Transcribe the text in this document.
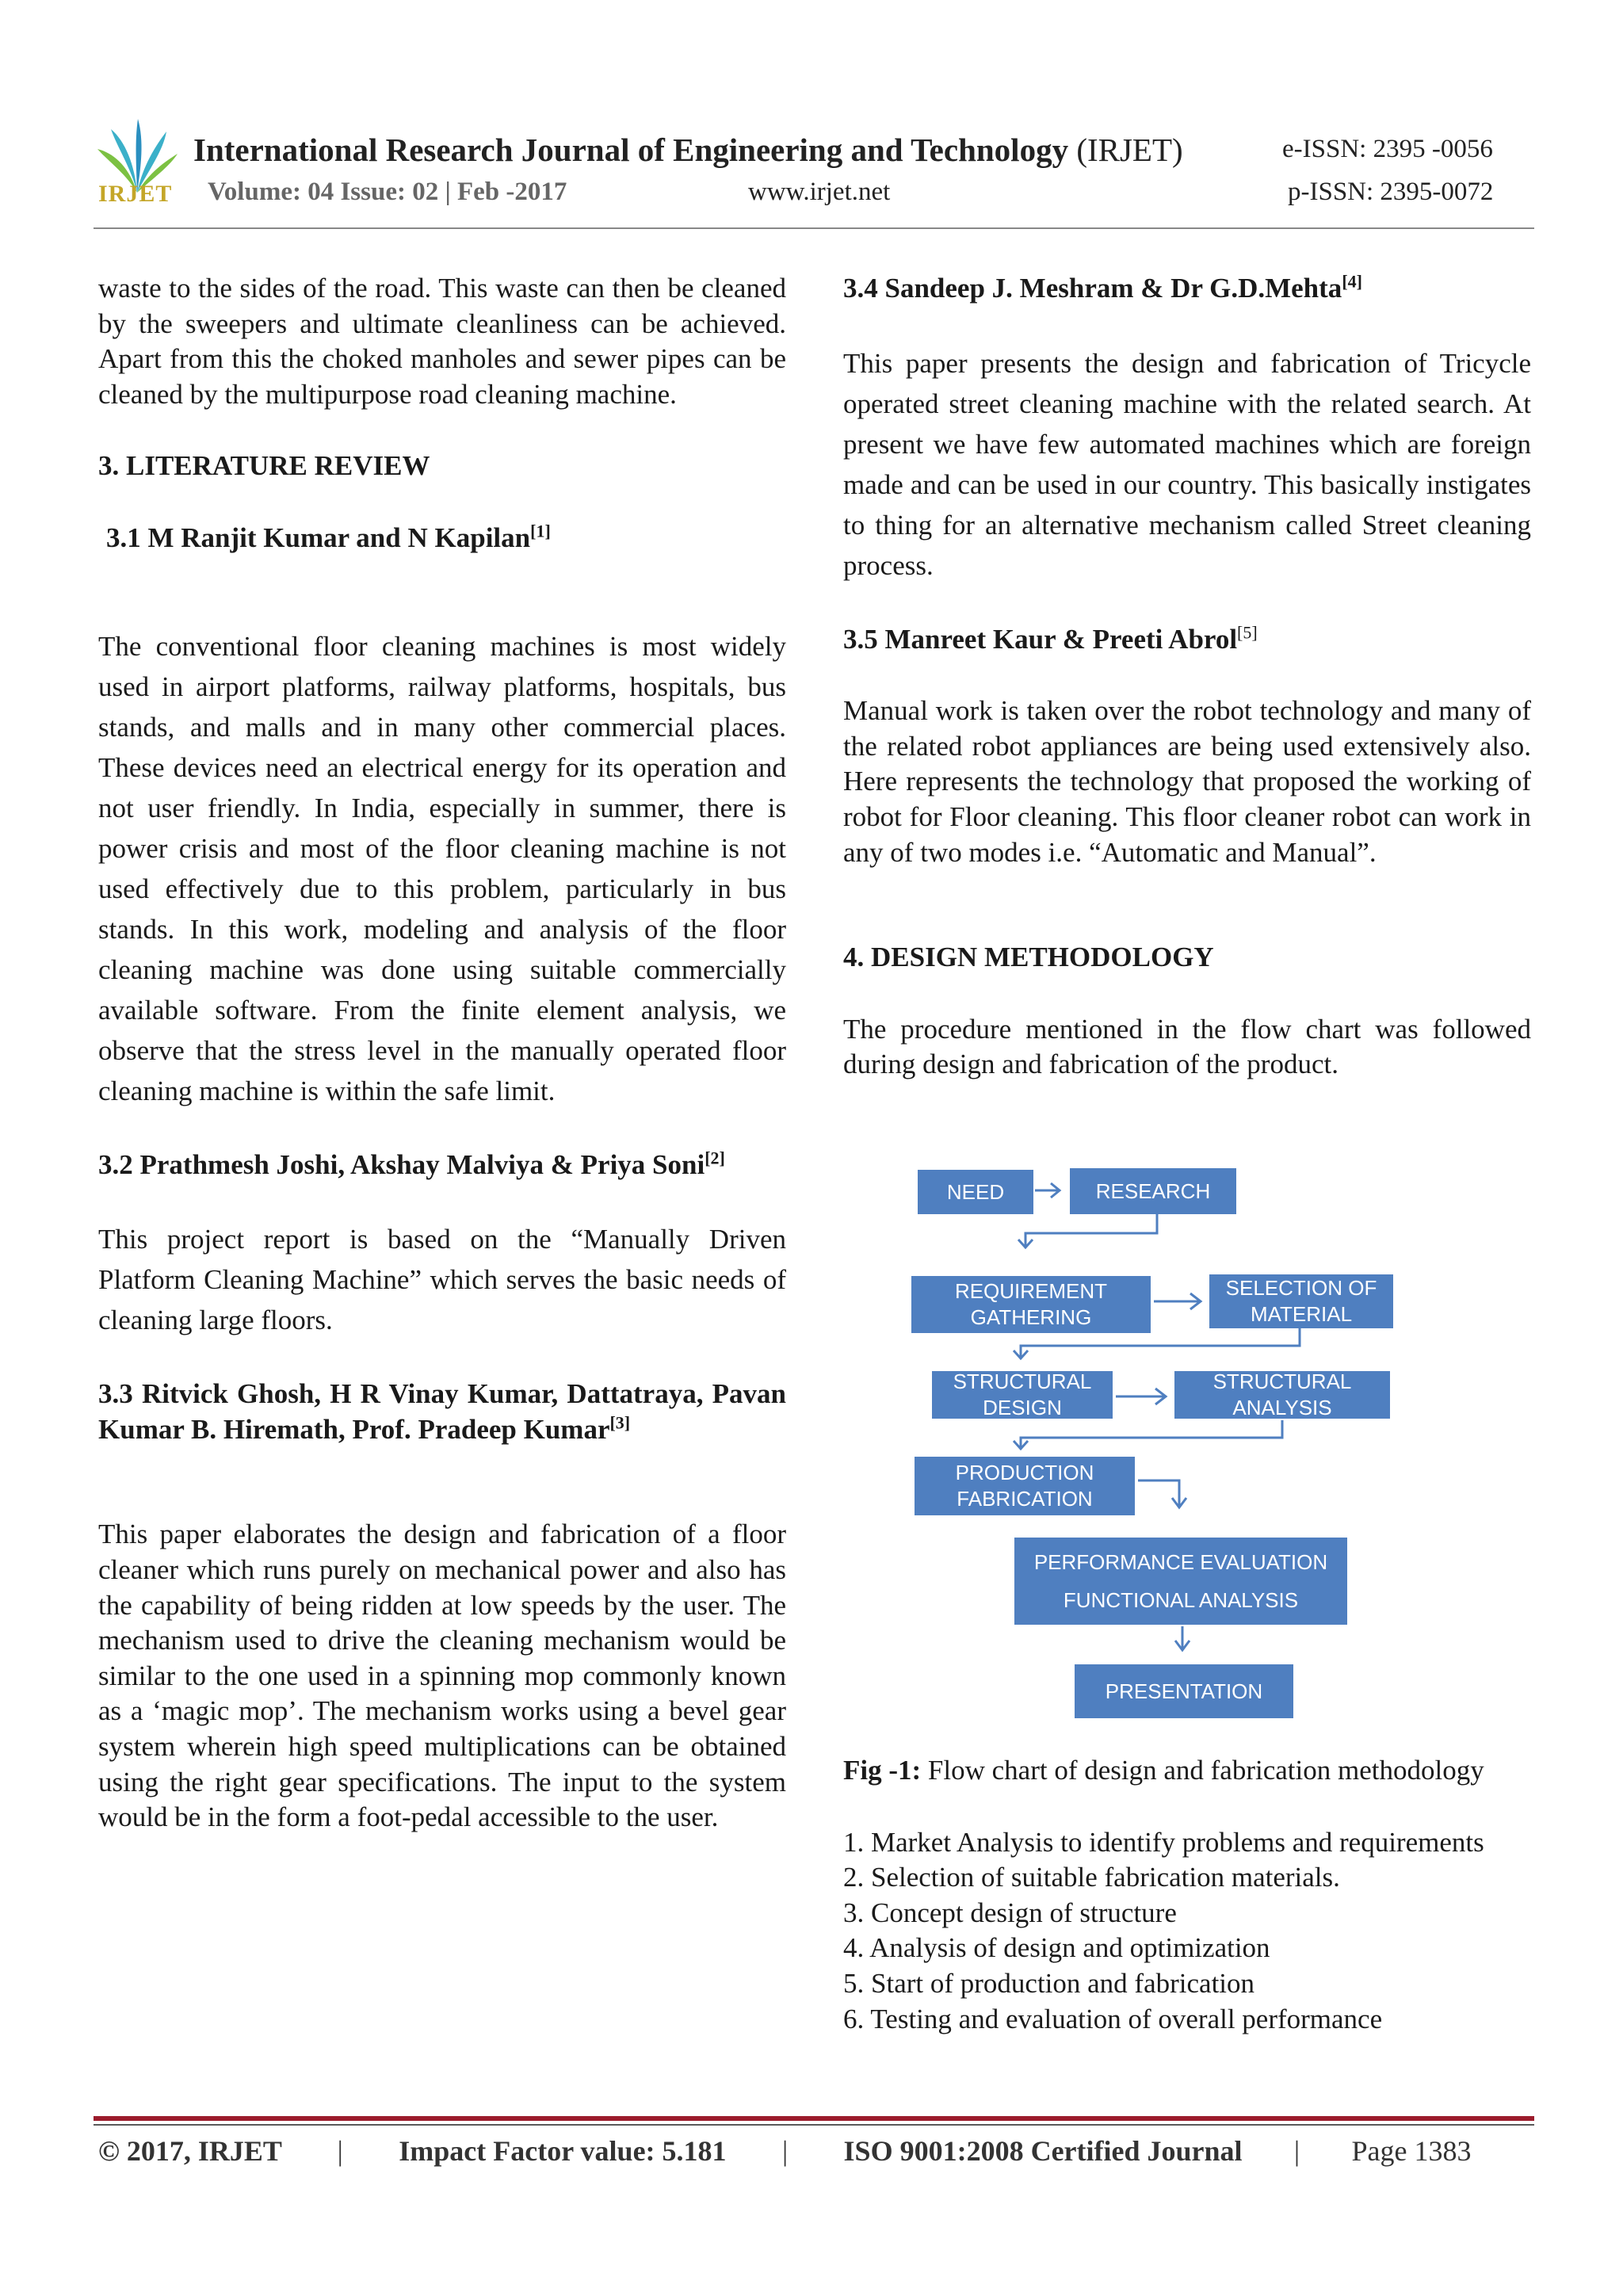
IRJET
International Research Journal of Engineering and Technology (IRJET)	e-ISSN: 2395 -0056
Volume: 04 Issue: 02 | Feb -2017	www.irjet.net	p-ISSN: 2395-0072

waste to the sides of the road. This waste can then be cleaned by the sweepers and ultimate cleanliness can be achieved. Apart from this the choked manholes and sewer pipes can be cleaned by the multipurpose road cleaning machine.

3. LITERATURE REVIEW
3.1 M Ranjit Kumar and N Kapilan[1]

The conventional floor cleaning machines is most widely used in airport platforms, railway platforms, hospitals, bus stands, and malls and in many other commercial places. These devices need an electrical energy for its operation and not user friendly. In India, especially in summer, there is power crisis and most of the floor cleaning machine is not used effectively due to this problem, particularly in bus stands. In this work, modeling and analysis of the floor cleaning machine was done using suitable commercially available software. From the finite element analysis, we observe that the stress level in the manually operated floor cleaning machine is within the safe limit.

3.2 Prathmesh Joshi, Akshay Malviya & Priya Soni[2]

This project report is based on the “Manually Driven Platform Cleaning Machine” which serves the basic needs of cleaning large floors.

3.3 Ritvick Ghosh, H R Vinay Kumar, Dattatraya, Pavan Kumar B. Hiremath, Prof. Pradeep Kumar[3]

This paper elaborates the design and fabrication of a floor cleaner which runs purely on mechanical power and also has the capability of being ridden at low speeds by the user. The mechanism used to drive the cleaning mechanism would be similar to the one used in a spinning mop commonly known as a ‘magic mop’. The mechanism works using a bevel gear system wherein high speed multiplications can be obtained using the right gear specifications. The input to the system would be in the form a foot-pedal accessible to the user.

3.4 Sandeep J. Meshram & Dr G.D.Mehta[4]

This paper presents the design and fabrication of Tricycle operated street cleaning machine with the related search. At present we have few automated machines which are foreign made and can be used in our country. This basically instigates to thing for an alternative mechanism called Street cleaning process.

3.5 Manreet Kaur & Preeti Abrol[5]

Manual work is taken over the robot technology and many of the related robot appliances are being used extensively also. Here represents the technology that proposed the working of robot for Floor cleaning. This floor cleaner robot can work in any of two modes i.e. “Automatic and Manual”.

4. DESIGN METHODOLOGY

The procedure mentioned in the flow chart was followed during design and fabrication of the product.

NEED	RESEARCH
REQUIREMENT
GATHERING
SELECTION OF
MATERIAL
STRUCTURAL
DESIGN
STRUCTURAL
ANALYSIS
PRODUCTION
FABRICATION
PERFORMANCE EVALUATION
FUNCTIONAL ANALYSIS
PRESENTATION

Fig -1: Flow chart of design and fabrication methodology

1. Market Analysis to identify problems and requirements
2. Selection of suitable fabrication materials.
3. Concept design of structure
4. Analysis of design and optimization
5. Start of production and fabrication
6. Testing and evaluation of overall performance
© 2017, IRJET | Impact Factor value: 5.181 | ISO 9001:2008 Certified Journal | Page 1383
